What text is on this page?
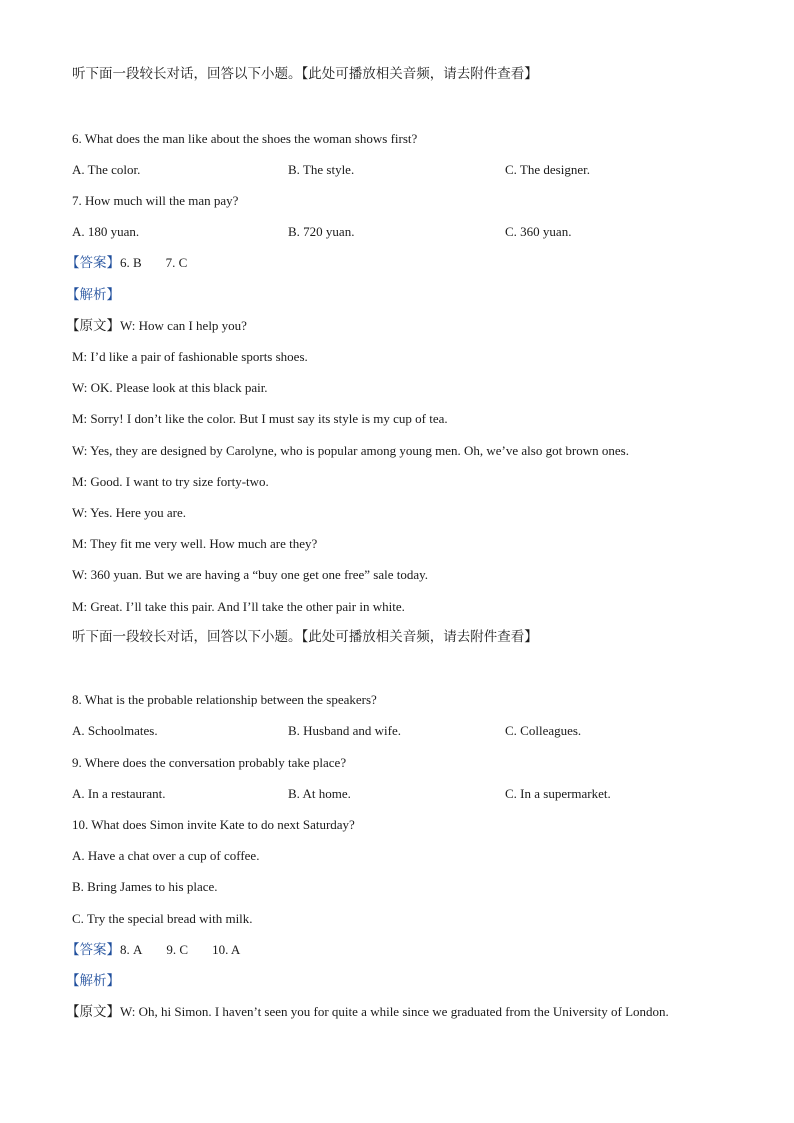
听下面一段较长对话，回答以下小题。【此处可播放相关音频，请去附件查看】
6. What does the man like about the shoes the woman shows first?
A. The color.	B. The style.	C. The designer.
7. How much will the man pay?
A. 180 yuan.	B. 720 yuan.	C. 360 yuan.
【答案】6. B 7. C
【解析】
【原文】W: How can I help you?
M: I’d like a pair of fashionable sports shoes.
W: OK. Please look at this black pair.
M: Sorry! I don’t like the color. But I must say its style is my cup of tea.
W: Yes, they are designed by Carolyne, who is popular among young men. Oh, we’ve also got brown ones.
M: Good. I want to try size forty-two.
W: Yes. Here you are.
M: They fit me very well. How much are they?
W: 360 yuan. But we are having a “buy one get one free” sale today.
M: Great. I’ll take this pair. And I’ll take the other pair in white.
听下面一段较长对话，回答以下小题。【此处可播放相关音频，请去附件查看】
8. What is the probable relationship between the speakers?
A. Schoolmates.	B. Husband and wife.	C. Colleagues.
9. Where does the conversation probably take place?
A. In a restaurant.	B. At home.	C. In a supermarket.
10. What does Simon invite Kate to do next Saturday?
A. Have a chat over a cup of coffee.
B. Bring James to his place.
C. Try the special bread with milk.
【答案】8. A 9. C 10. A
【解析】
【原文】W: Oh, hi Simon. I haven’t seen you for quite a while since we graduated from the University of London.
